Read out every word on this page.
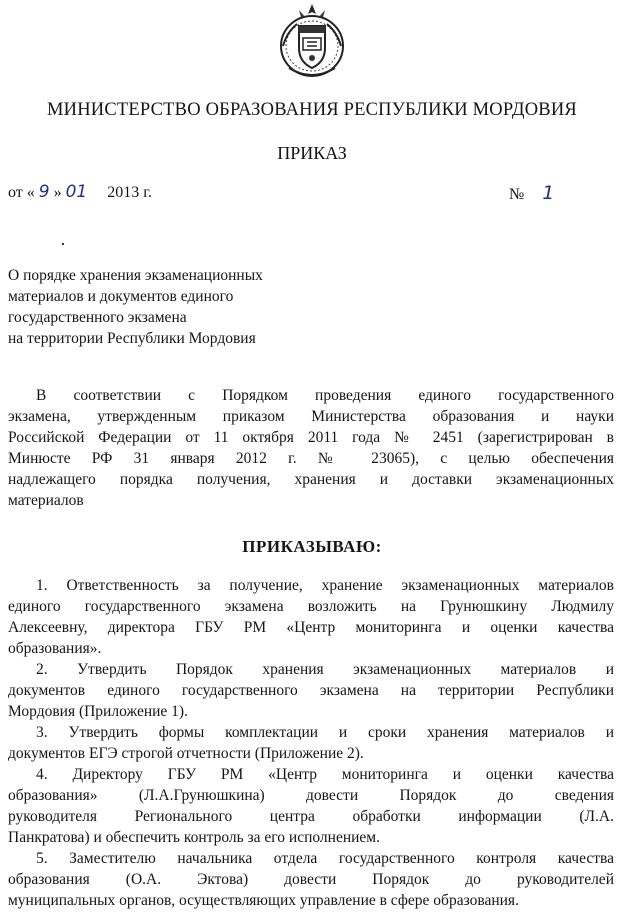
МИНИСТЕРСТВО ОБРАЗОВАНИЯ РЕСПУБЛИКИ МОРДОВИЯ
ПРИКАЗ
от « 9 » 01 2013 г.	№ 1
О порядке хранения экзаменационных
материалов и документов единого
государственного экзамена
на территории Республики Мордовия
В соответствии с Порядком проведения единого государственного
экзамена, утвержденным приказом Министерства образования и науки
Российской Федерации от 11 октября 2011 года № 2451 (зарегистрирован в
Минюсте РФ 31 января 2012 г. № 23065), с целью обеспечения
надлежащего порядка получения, хранения и доставки экзаменационных
материалов
ПРИКАЗЫВАЮ:
1. Ответственность за получение, хранение экзаменационных материалов
единого государственного экзамена возложить на Грунюшкину Людмилу
Алексеевну, директора ГБУ РМ «Центр мониторинга и оценки качества
образования».
2. Утвердить Порядок хранения экзаменационных материалов и
документов единого государственного экзамена на территории Республики
Мордовия (Приложение 1).
3. Утвердить формы комплектации и сроки хранения материалов и
документов ЕГЭ строгой отчетности (Приложение 2).
4. Директору ГБУ РМ «Центр мониторинга и оценки качества
образования» (Л.А.Грунюшкина) довести Порядок до сведения
руководителя Регионального центра обработки информации (Л.А.
Панкратова) и обеспечить контроль за его исполнением.
5. Заместителю начальника отдела государственного контроля качества
образования (О.А. Эктова) довести Порядок до руководителей
муниципальных органов, осуществляющих управление в сфере образования.
